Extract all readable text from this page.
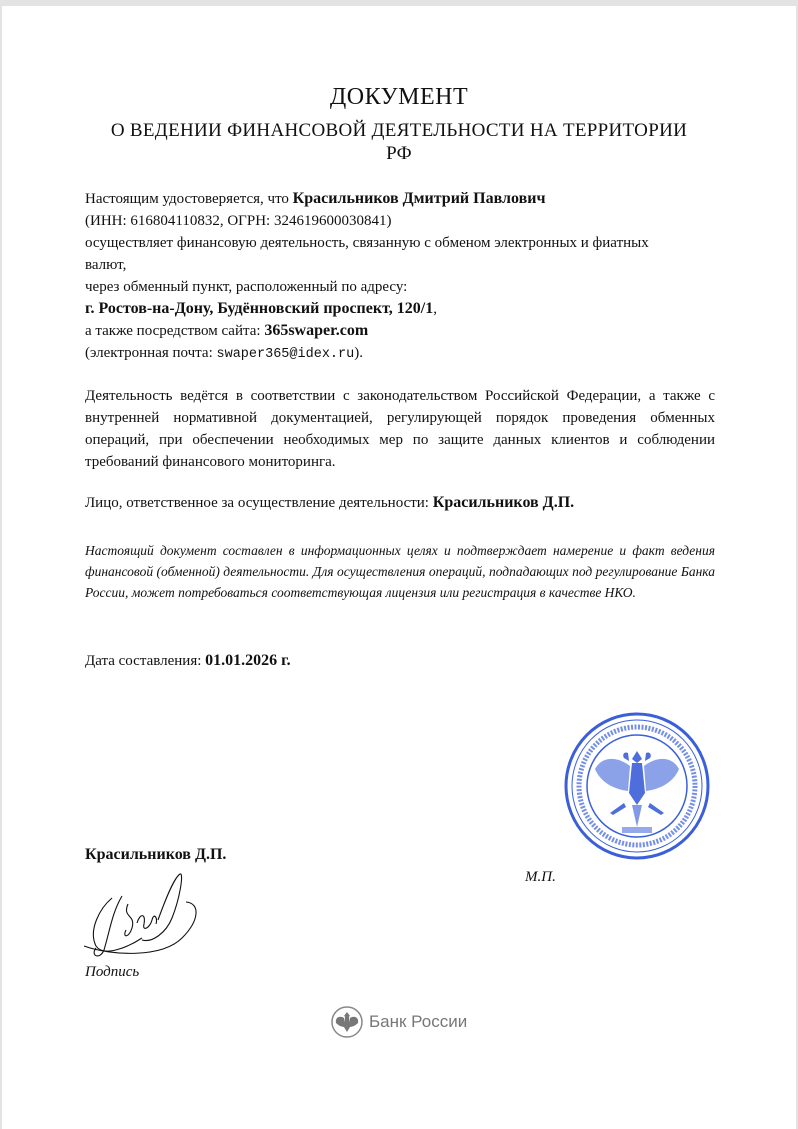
ДОКУМЕНТ
О ВЕДЕНИИ ФИНАНСОВОЙ ДЕЯТЕЛЬНОСТИ НА ТЕРРИТОРИИ РФ
Настоящим удостоверяется, что Красильников Дмитрий Павлович
(ИНН: 616804110832, ОГРН: 324619600030841)
осуществляет финансовую деятельность, связанную с обменом электронных и фиатных
валют,
через обменный пункт, расположенный по адресу:
г. Ростов-на-Дону, Будённовский проспект, 120/1,
а также посредством сайта: 365swaper.com
(электронная почта: swaper365@idex.ru).
Деятельность ведётся в соответствии с законодательством Российской Федерации, а также с внутренней нормативной документацией, регулирующей порядок проведения обменных операций, при обеспечении необходимых мер по защите данных клиентов и соблюдении требований финансового мониторинга.
Лицо, ответственное за осуществление деятельности: Красильников Д.П.
Настоящий документ составлен в информационных целях и подтверждает намерение и факт ведения финансовой (обменной) деятельности. Для осуществления операций, подпадающих под регулирование Банка России, может потребоваться соответствующая лицензия или регистрация в качестве НКО.
Дата составления: 01.01.2026 г.
Красильников Д.П.
М.П.
Подпись
Банк России
